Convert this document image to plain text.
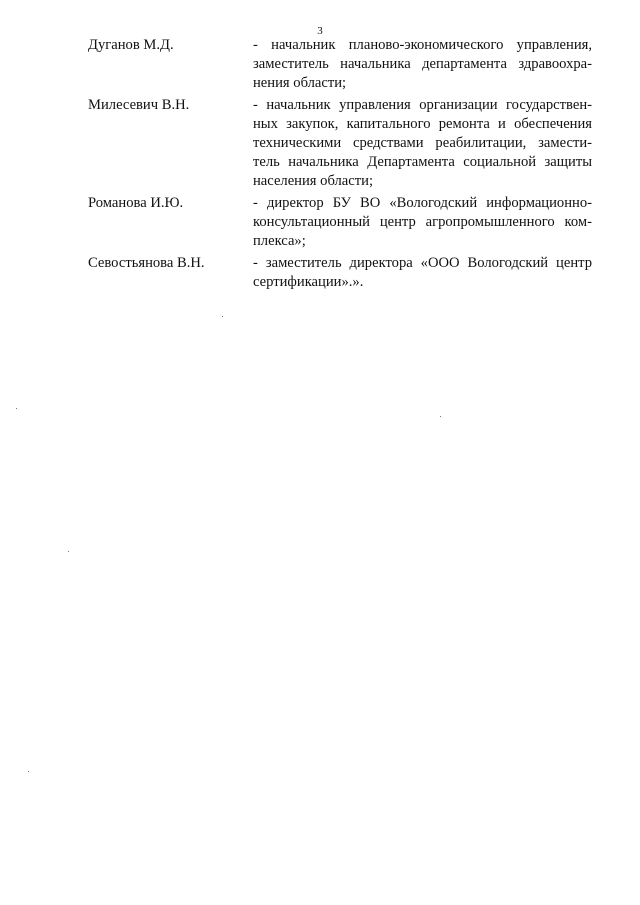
3
Дуганов М.Д.	- начальник планово-экономического управления,
заместитель начальника департамента здравоохра-
нения области;
Милесевич В.Н.	- начальник управления организации государствен-
ных закупок, капитального ремонта и обеспечения
техническими средствами реабилитации, замести-
тель начальника Департамента социальной защиты
населения области;
Романова И.Ю.	- директор БУ ВО «Вологодский информационно-
консультационный центр агропромышленного ком-
плекса»;
Севостьянова В.Н.	- заместитель директора «ООО Вологодский центр
сертификации».».
